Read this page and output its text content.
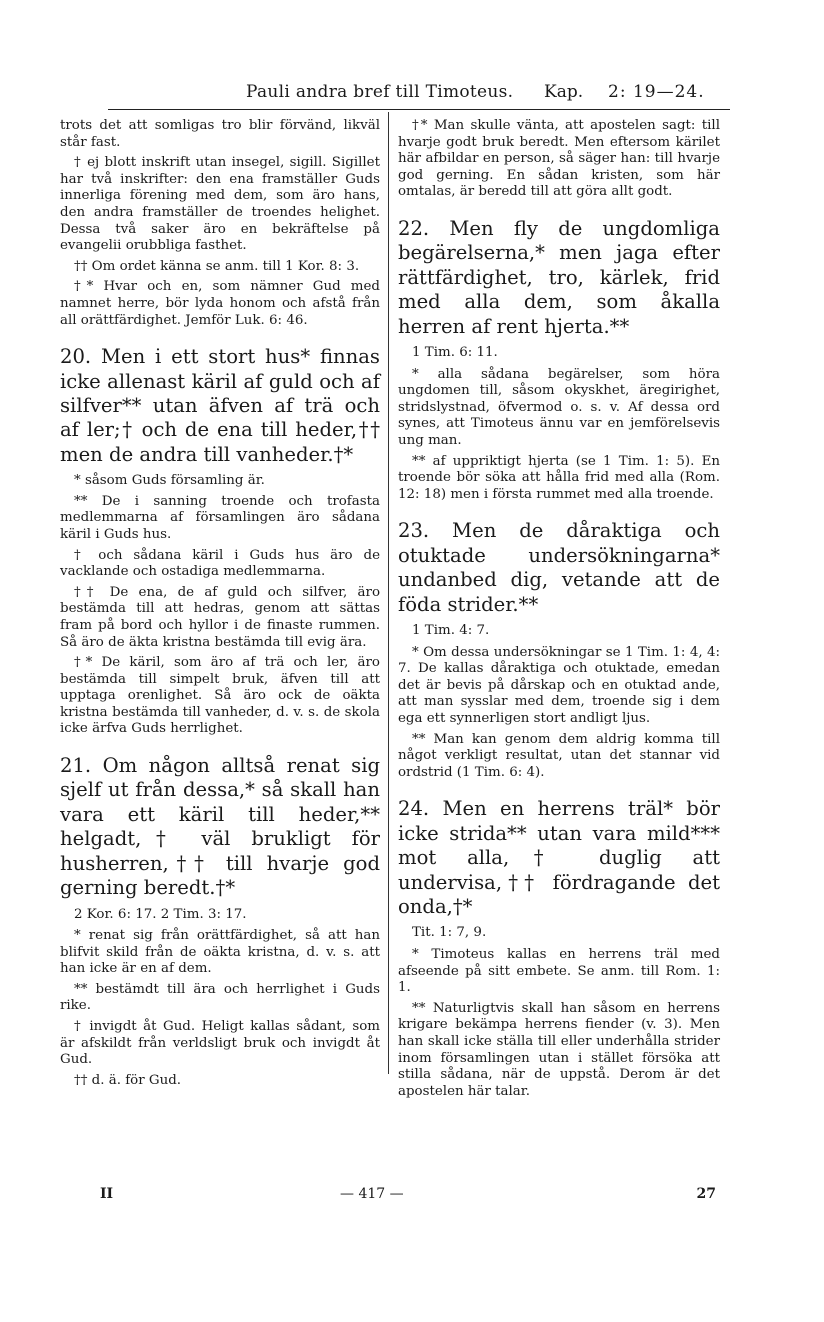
Pauli andra bref till Timoteus. Kap. 2: 19—24.

trots det att somligas tro blir förvänd, likväl står fast.

† ej blott inskrift utan insegel, sigill. Sigillet har två inskrifter: den ena framställer Guds innerliga förening med dem, som äro hans, den andra framställer de troendes helighet. Dessa två saker äro en bekräftelse på evangelii orubbliga fasthet.

†† Om ordet känna se anm. till 1 Kor. 8: 3.

†* Hvar och en, som nämner Gud med namnet herre, bör lyda honom och afstå från all orättfärdighet. Jemför Luk. 6: 46.

20. Men i ett stort hus* finnas icke allenast käril af guld och af silfver** utan äfven af trä och af ler;† och de ena till heder,†† men de andra till vanheder.†*

* såsom Guds församling är.

** De i sanning troende och trofasta medlemmarna af församlingen äro sådana käril i Guds hus.

† och sådana käril i Guds hus äro de vacklande och ostadiga medlemmarna.

†† De ena, de af guld och silfver, äro bestämda till att hedras, genom att sättas fram på bord och hyllor i de finaste rummen. Så äro de äkta kristna bestämda till evig ära.

†* De käril, som äro af trä och ler, äro bestämda till simpelt bruk, äfven till att upptaga orenlighet. Så äro ock de oäkta kristna bestämda till vanheder, d. v. s. de skola icke ärfva Guds herrlighet.

21. Om någon alltså renat sig sjelf ut från dessa,* så skall han vara ett käril till heder,** helgadt,† väl brukligt för husherren,†† till hvarje god gerning beredt.†*

2 Kor. 6: 17. 2 Tim. 3: 17.

* renat sig från orättfärdighet, så att han blifvit skild från de oäkta kristna, d. v. s. att han icke är en af dem.

** bestämdt till ära och herrlighet i Guds rike.

† invigdt åt Gud. Heligt kallas sådant, som är afskildt från verldsligt bruk och invigdt åt Gud.

†† d. ä. för Gud.

†* Man skulle vänta, att apostelen sagt: till hvarje godt bruk beredt. Men eftersom kärilet här afbildar en person, så säger han: till hvarje god gerning. En sådan kristen, som här omtalas, är beredd till att göra allt godt.

22. Men fly de ungdomliga begärelserna,* men jaga efter rättfärdighet, tro, kärlek, frid med alla dem, som åkalla herren af rent hjerta.**

1 Tim. 6: 11.

* alla sådana begärelser, som höra ungdomen till, såsom okyskhet, äregirighet, stridslystnad, öfvermod o. s. v. Af dessa ord synes, att Timoteus ännu var en jemförelsevis ung man.

** af uppriktigt hjerta (se 1 Tim. 1: 5). En troende bör söka att hålla frid med alla (Rom. 12: 18) men i första rummet med alla troende.

23. Men de dåraktiga och otuktade undersökningarna* undanbed dig, vetande att de föda strider.**

1 Tim. 4: 7.

* Om dessa undersökningar se 1 Tim. 1: 4, 4: 7. De kallas dåraktiga och otuktade, emedan det är bevis på dårskap och en otuktad ande, att man sysslar med dem, troende sig i dem ega ett synnerligen stort andligt ljus.

** Man kan genom dem aldrig komma till något verkligt resultat, utan det stannar vid ordstrid (1 Tim. 6: 4).

24. Men en herrens träl* bör icke strida** utan vara mild*** mot alla,† duglig att undervisa,†† fördragande det onda,†*

Tit. 1: 7, 9.

* Timoteus kallas en herrens träl med afseende på sitt embete. Se anm. till Rom. 1: 1.

** Naturligtvis skall han såsom en herrens krigare bekämpa herrens fiender (v. 3). Men han skall icke ställa till eller underhålla strider inom församlingen utan i stället försöka att stilla sådana, när de uppstå. Derom är det apostelen här talar.

II	— 417 —	27
